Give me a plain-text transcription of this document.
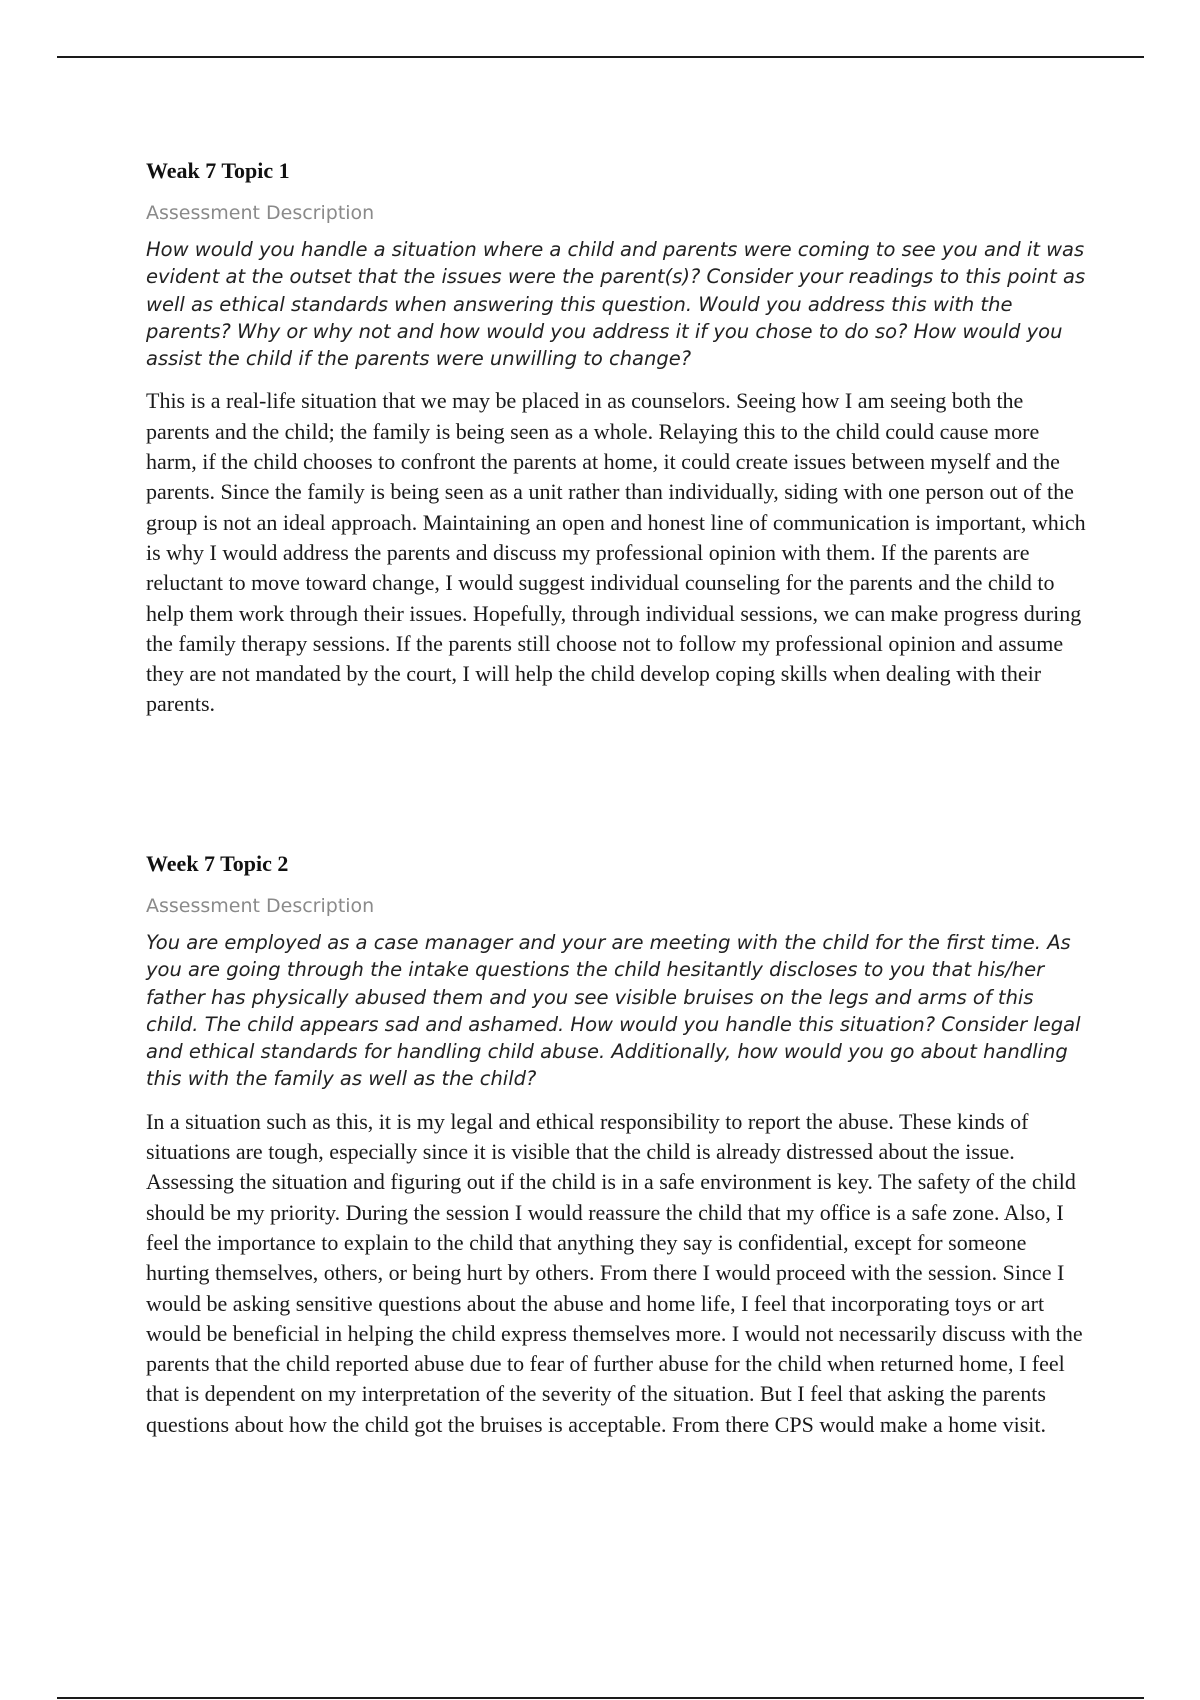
Weak 7 Topic 1
Assessment Description

How would you handle a situation where a child and parents were coming to see you and it was evident at the outset that the issues were the parent(s)? Consider your readings to this point as well as ethical standards when answering this question. Would you address this with the parents? Why or why not and how would you address it if you chose to do so? How would you assist the child if the parents were unwilling to change?

This is a real-life situation that we may be placed in as counselors. Seeing how I am seeing both the parents and the child; the family is being seen as a whole. Relaying this to the child could cause more harm, if the child chooses to confront the parents at home, it could create issues between myself and the parents. Since the family is being seen as a unit rather than individually, siding with one person out of the group is not an ideal approach. Maintaining an open and honest line of communication is important, which is why I would address the parents and discuss my professional opinion with them. If the parents are reluctant to move toward change, I would suggest individual counseling for the parents and the child to help them work through their issues. Hopefully, through individual sessions, we can make progress during the family therapy sessions. If the parents still choose not to follow my professional opinion and assume they are not mandated by the court, I will help the child develop coping skills when dealing with their parents.

Week 7 Topic 2
Assessment Description

You are employed as a case manager and your are meeting with the child for the first time. As you are going through the intake questions the child hesitantly discloses to you that his/her father has physically abused them and you see visible bruises on the legs and arms of this child. The child appears sad and ashamed. How would you handle this situation? Consider legal and ethical standards for handling child abuse. Additionally, how would you go about handling this with the family as well as the child?

In a situation such as this, it is my legal and ethical responsibility to report the abuse. These kinds of situations are tough, especially since it is visible that the child is already distressed about the issue. Assessing the situation and figuring out if the child is in a safe environment is key. The safety of the child should be my priority. During the session I would reassure the child that my office is a safe zone. Also, I feel the importance to explain to the child that anything they say is confidential, except for someone hurting themselves, others, or being hurt by others. From there I would proceed with the session. Since I would be asking sensitive questions about the abuse and home life, I feel that incorporating toys or art would be beneficial in helping the child express themselves more. I would not necessarily discuss with the parents that the child reported abuse due to fear of further abuse for the child when returned home, I feel that is dependent on my interpretation of the severity of the situation. But I feel that asking the parents questions about how the child got the bruises is acceptable. From there CPS would make a home visit.
